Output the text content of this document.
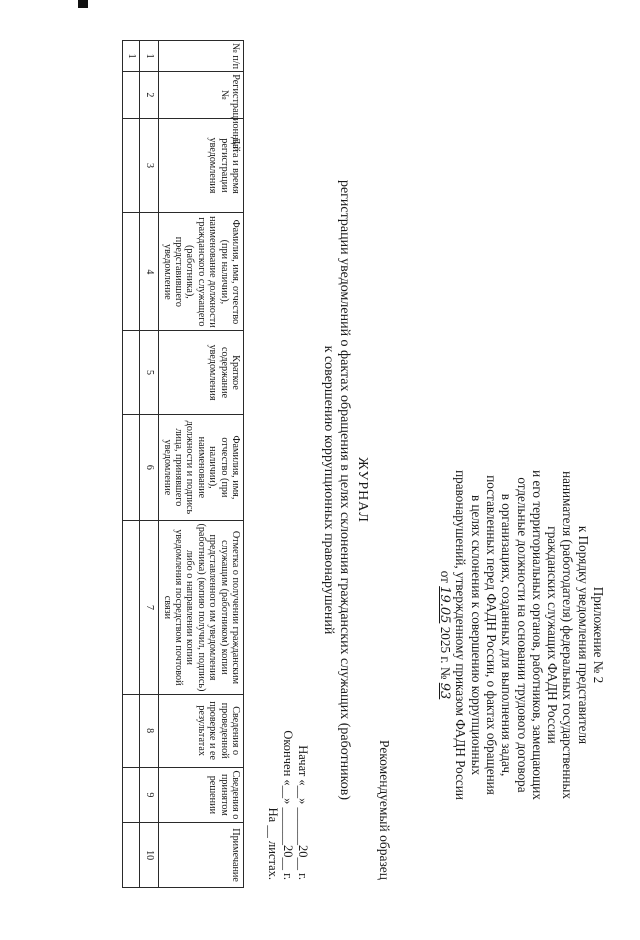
Приложение № 2
к Порядку уведомления представителя
нанимателя (работодателя) федеральных государственных
гражданских служащих ФАДН России
и его территориальных органов, работников, замещающих
отдельные должности на основании трудового договора
в организациях, созданных для выполнения задач,
поставленных перед ФАДН России, о фактах обращения
в целях склонения к совершению коррупционных
правонарушений, утвержденному приказом ФАДН России
от 19.05 2025 г. № 93
Рекомендуемый образец
ЖУРНАЛ
регистрации уведомлений о фактах обращения в целях склонения гражданских служащих (работников)
к совершению коррупционных правонарушений
Начат «__» ______20__ г.
Окончен «__» ______20__ г.
На __ листах.
№ п/п	Регистрационный №	Дата и время регистрации уведомления	Фамилия, имя, отчество (при наличии), наименование должности гражданского служащего (работника), представившего уведомление	Краткое содержание уведомления	Фамилия, имя, отчество (при наличии), наименование должности и подпись лица, принявшего уведомление	Отметка о получении гражданским служащим (работником) копии представленного им уведомления (работника) (копию получил, подпись) либо о направлении копии уведомления посредством почтовой связи	Сведения о проведенной проверке и ее результатах	Сведения о принятом решении	Примечание
1	2	3	4	5	6	7	8	9	10
1									
